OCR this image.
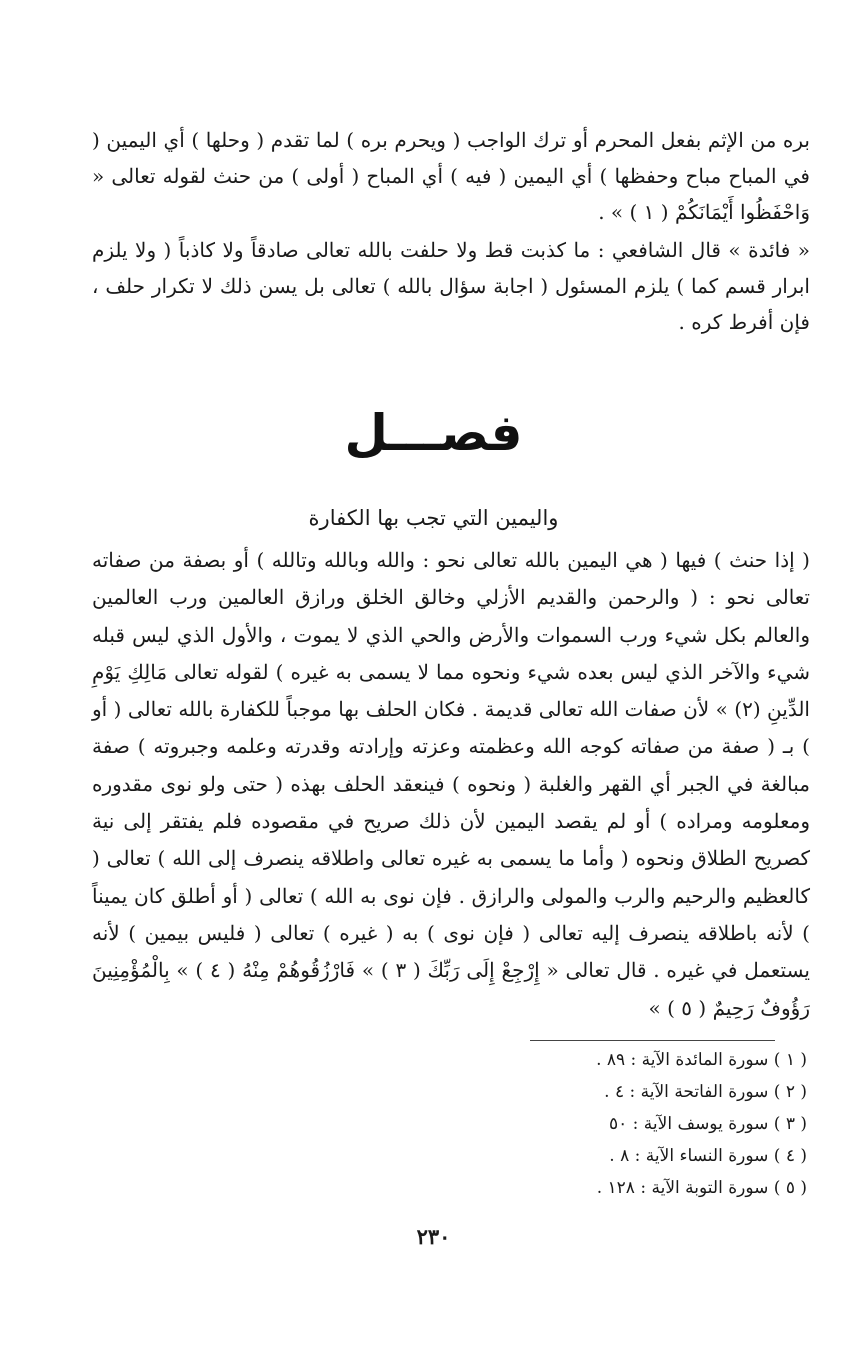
بره من الإثم بفعل المحرم أو ترك الواجب ( ويحرم بره ) لما تقدم ( وحلها ) أي اليمين ( في المباح مباح وحفظها ) أي اليمين ( فيه ) أي المباح ( أولى ) من حنث لقوله تعالى « وَاحْفَظُوا أَيْمَانَكُمْ ( ١ ) » .

« فائدة » قال الشافعي : ما كذبت قط ولا حلفت بالله تعالى صادقاً ولا كاذباً ( ولا يلزم ابرار قسم كما ) يلزم المسئول ( اجابة سؤال بالله ) تعالى بل يسن ذلك لا تكرار حلف ، فإن أفرط كره .

فصـــل
واليمين التي تجب بها الكفارة

( إذا حنث ) فيها ( هي اليمين بالله تعالى نحو : والله وبالله وتالله ) أو بصفة من صفاته تعالى نحو : ( والرحمن والقديم الأزلي وخالق الخلق ورازق العالمين ورب العالمين والعالم بكل شيء ورب السموات والأرض والحي الذي لا يموت ، والأول الذي ليس قبله شيء والآخر الذي ليس بعده شيء ونحوه مما لا يسمى به غيره ) لقوله تعالى مَالِكِ يَوْمِ الدِّينِ (٢) » لأن صفات الله تعالى قديمة . فكان الحلف بها موجباً للكفارة بالله تعالى ( أو ) بـ ( صفة من صفاته كوجه الله وعظمته وعزته وإرادته وقدرته وعلمه وجبروته ) صفة مبالغة في الجبر أي القهر والغلبة ( ونحوه ) فينعقد الحلف بهذه ( حتى ولو نوى مقدوره ومعلومه ومراده ) أو لم يقصد اليمين لأن ذلك صريح في مقصوده فلم يفتقر إلى نية كصريح الطلاق ونحوه ( وأما ما يسمى به غيره تعالى واطلاقه ينصرف إلى الله ) تعالى ( كالعظيم والرحيم والرب والمولى والرازق . فإن نوى به الله ) تعالى ( أو أطلق كان يميناً ) لأنه باطلاقه ينصرف إليه تعالى ( فإن نوى ) به ( غيره ) تعالى ( فليس بيمين ) لأنه يستعمل في غيره . قال تعالى « إِرْجِعْ إِلَى رَبِّكَ ( ٣ ) » فَارْزُقُوهُمْ مِنْهُ ( ٤ ) » بِالْمُؤْمِنِينَ رَؤُوفٌ رَحِيمٌ ( ٥ ) »

( ١ ) سورة المائدة الآية : ٨٩ .
( ٢ ) سورة الفاتحة الآية : ٤ .
( ٣ ) سورة يوسف الآية : ٥٠
( ٤ ) سورة النساء الآية : ٨ .
( ٥ ) سورة التوبة الآية : ١٢٨ .
٢٣٠
